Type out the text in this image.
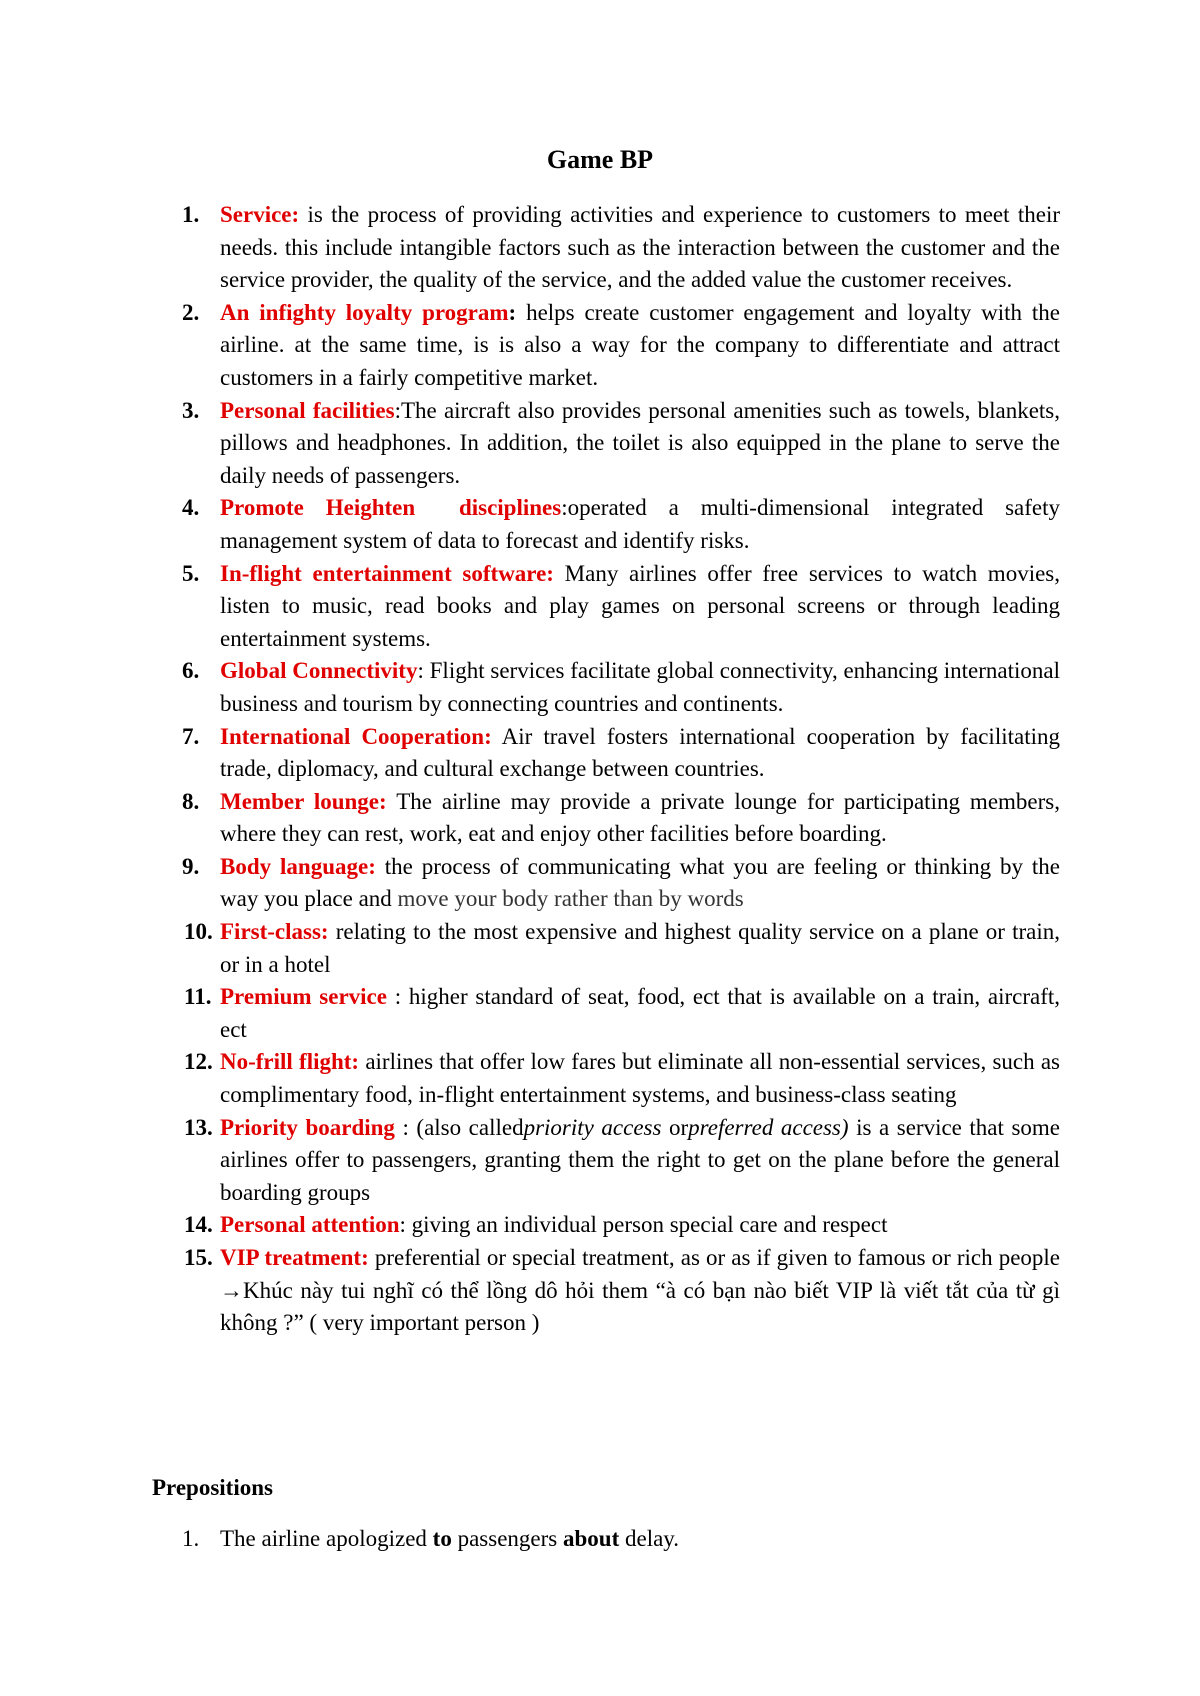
Game BP
1. Service: is the process of providing activities and experience to customers to meet their needs. this include intangible factors such as the interaction between the customer and the service provider, the quality of the service, and the added value the customer receives.
2. An infighty loyalty program: helps create customer engagement and loyalty with the airline. at the same time, is is also a way for the company to differentiate and attract customers in a fairly competitive market.
3. Personal facilities:The aircraft also provides personal amenities such as towels, blankets, pillows and headphones. In addition, the toilet is also equipped in the plane to serve the daily needs of passengers.
4. Promote Heighten  disciplines:operated a multi-dimensional integrated safety management system of data to forecast and identify risks.
5. In-flight entertainment software: Many airlines offer free services to watch movies, listen to music, read books and play games on personal screens or through leading entertainment systems.
6. Global Connectivity: Flight services facilitate global connectivity, enhancing international business and tourism by connecting countries and continents.
7. International Cooperation: Air travel fosters international cooperation by facilitating trade, diplomacy, and cultural exchange between countries.
8. Member lounge: The airline may provide a private lounge for participating members, where they can rest, work, eat and enjoy other facilities before boarding.
9. Body language: the process of communicating what you are feeling or thinking by the way you place and move your body rather than by words
10. First-class: relating to the most expensive and highest quality service on a plane or train, or in a hotel
11. Premium service : higher standard of seat, food, ect that is available on a train, aircraft, ect
12. No-frill flight: airlines that offer low fares but eliminate all non-essential services, such as complimentary food, in-flight entertainment systems, and business-class seating
13. Priority boarding : (also calledpriority access orpreferred access) is a service that some airlines offer to passengers, granting them the right to get on the plane before the general boarding groups
14. Personal attention: giving an individual person special care and respect
15. VIP treatment: preferential or special treatment, as or as if given to famous or rich people →Khúc này tui nghĩ có thể lồng dô hỏi them “à có bạn nào biết VIP là viết tắt của từ gì không ?” ( very important person )
Prepositions
1. The airline apologized to passengers about delay.
